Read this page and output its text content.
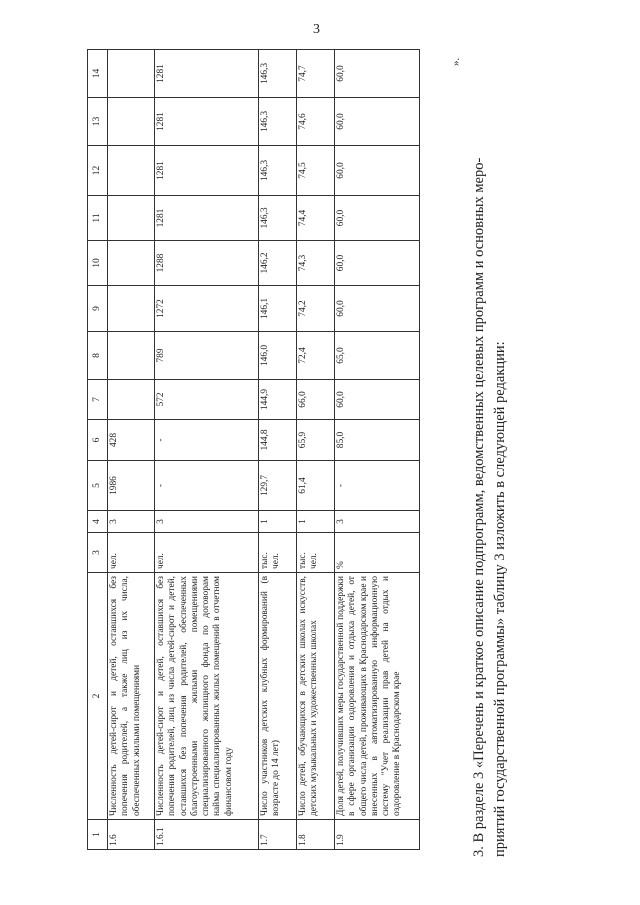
3
1	2	3	4	5	6	7	8	9	10	11	12	13	14
1.6	Численность детей-сирот и детей, оставшихся без попечения родителей, а также лиц из их числа, обеспеченных жилыми помещениями	чел.	3	1986	428								
1.6.1	Численность детей-сирот и детей, оставшихся без попечения родителей, лиц из числа детей-сирот и детей, оставшихся без попечения родителей, обеспеченных благоустроенными жилыми помещениями специализированного жилищного фонда по договорам найма специализированных жилых помещений в отчетном финансовом году	чел.	3	-	-	572	789	1272	1288	1281	1281	1281	1281
1.7	Число участников детских клубных формирований (в возрасте до 14 лет)	тыс. чел.	1	129,7	144,8	144,9	146,0	146,1	146,2	146,3	146,3	146,3	146,3
1.8	Число детей, обучающихся в детских школах искусств, детских музыкальных и художественных школах	тыс. чел.	1	61,4	65,9	66,0	72,4	74,2	74,3	74,4	74,5	74,6	74,7
1.9	Доля детей, получивших меры государственной поддержки в сфере организации оздоровления и отдыха детей, от общего числа детей, проживающих в Краснодарском крае и внесенных в автоматизированную информационную систему "Учет реализации прав детей на отдых и оздоровление в Краснодарском крае	%	3	-	85,0	60,0	65,0	60,0	60,0	60,0	60,0	60,0	60,0
».
3. В разделе 3 «Перечень и краткое описание подпрограмм, ведомственных целевых программ и основных меро- приятий государственной программы» таблицу 3 изложить в следующей редакции:
